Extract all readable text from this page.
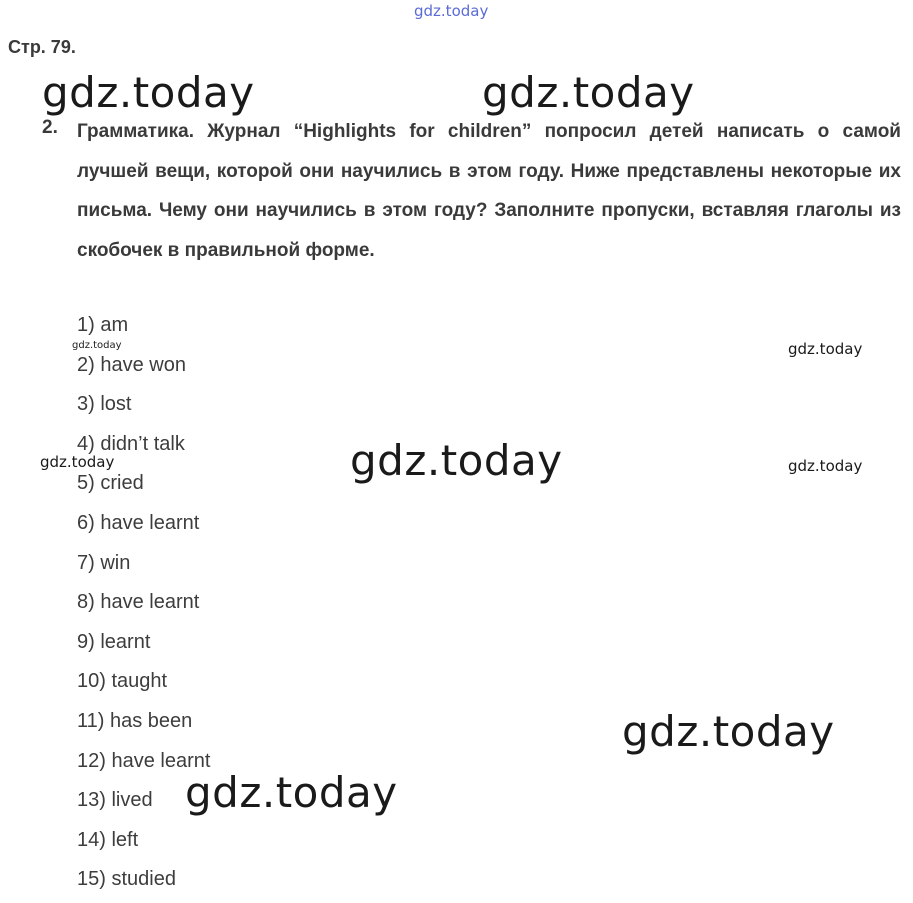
gdz.today
Стр. 79.
gdz.today	gdz.today
2. Грамматика. Журнал “Highlights for children” попросил детей написать о самой лучшей вещи, которой они научились в этом году. Ниже представлены некоторые их письма. Чему они научились в этом году? Заполните пропуски, вставляя глаголы из скобочек в правильной форме.

1) am
2) have won
3) lost
4) didn’t talk
5) cried
6) have learnt
7) win
8) have learnt
9) learnt
10) taught
11) has been
12) have learnt
13) lived
14) left
15) studied
gdz.today	gdz.today
gdz.today	gdz.today
gdz.today
gdz.today
gdz.today
